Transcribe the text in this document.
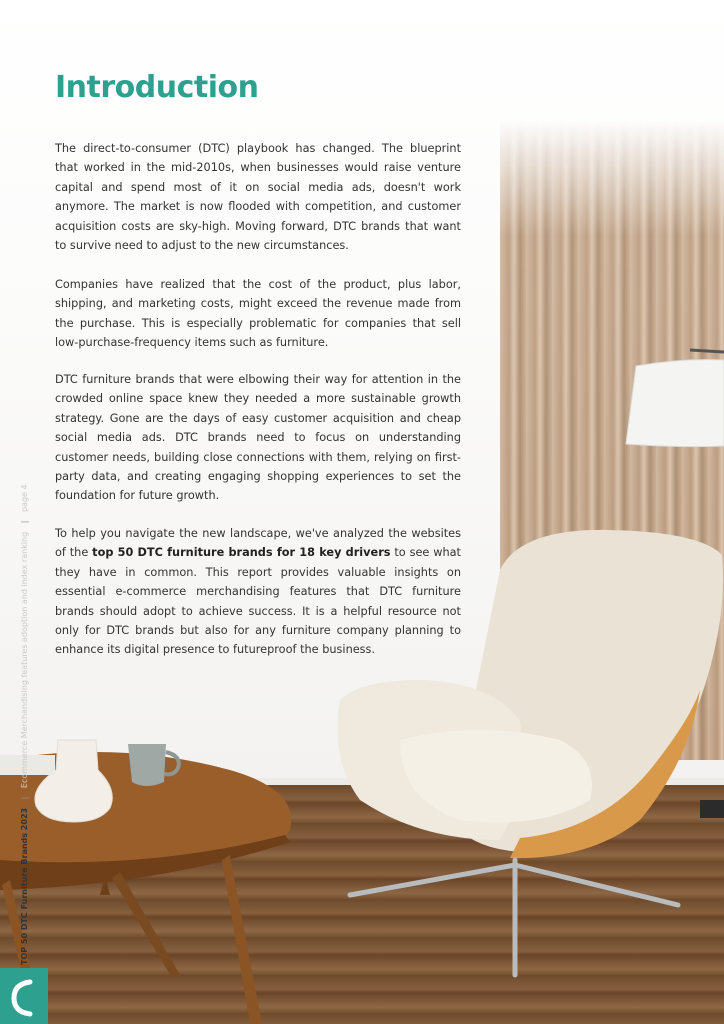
Introduction

The direct-to-consumer (DTC) playbook has changed. The blueprint that worked in the mid-2010s, when businesses would raise venture capital and spend most of it on social media ads, doesn't work anymore. The market is now flooded with competition, and customer acquisition costs are sky-high. Moving forward, DTC brands that want to survive need to adjust to the new circumstances.

Companies have realized that the cost of the product, plus labor, shipping, and marketing costs, might exceed the revenue made from the purchase. This is especially problematic for companies that sell low-purchase-frequency items such as furniture.

DTC furniture brands that were elbowing their way for attention in the crowded online space knew they needed a more sustainable growth strategy. Gone are the days of easy customer acquisition and cheap social media ads. DTC brands need to focus on understanding customer needs, building close connections with them, relying on first-party data, and creating engaging shopping experiences to set the foundation for future growth.

To help you navigate the new landscape, we've analyzed the websites of the top 50 DTC furniture brands for 18 key drivers to see what they have in common. This report provides valuable insights on essential e-commerce merchandising features that DTC furniture brands should adopt to achieve success. It is a helpful resource not only for DTC brands but also for any furniture company planning to enhance its digital presence to futureproof the business.

TOP 50 DTC Furniture Brands 2023 | Ecommerce Merchandising features adoption and index ranking | page 4
